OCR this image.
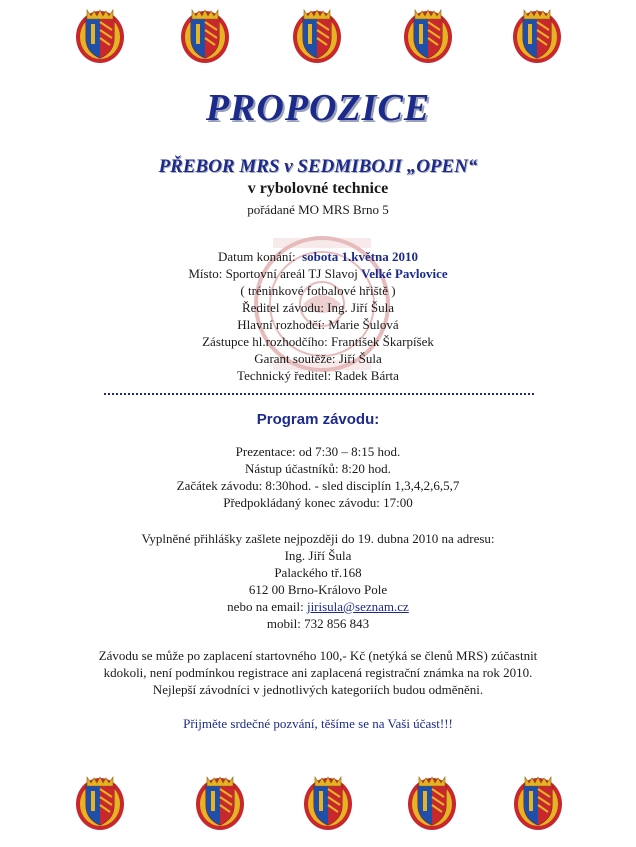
PROPOZICE
PŘEBOR MRS v SEDMIBOJI „OPEN“
v rybolovné technice
pořádané MO MRS Brno 5
Datum konání: sobota 1.května 2010
Místo: Sportovní areál TJ Slavoj Velké Pavlovice
( tréninkové fotbalové hřiště )
Ředitel závodu: Ing. Jiří Šula
Hlavní rozhodčí: Marie Šulová
Zástupce hl.rozhodčího: František Škarpíšek
Garant soutěže: Jiří Šula
Technický ředitel: Radek Bárta
Program závodu:
Prezentace: od 7:30 – 8:15 hod.
Nástup účastníků: 8:20 hod.
Začátek závodu: 8:30hod. - sled disciplín 1,3,4,2,6,5,7
Předpokládaný konec závodu: 17:00
Vyplněné přihlášky zašlete nejpozději do 19. dubna 2010 na adresu:
Ing. Jiří Šula
Palackého tř.168
612 00 Brno-Královo Pole
nebo na email: jirisula@seznam.cz
mobil: 732 856 843
Závodu se může po zaplacení startovného 100,- Kč (netýká se členů MRS) zúčastnit kdokoli, není podmínkou registrace ani zaplacená registrační známka na rok 2010. Nejlepší závodníci v jednotlivých kategoriích budou odměněni.
Přijměte srdečné pozvání, těšíme se na Vaši účast!!!
